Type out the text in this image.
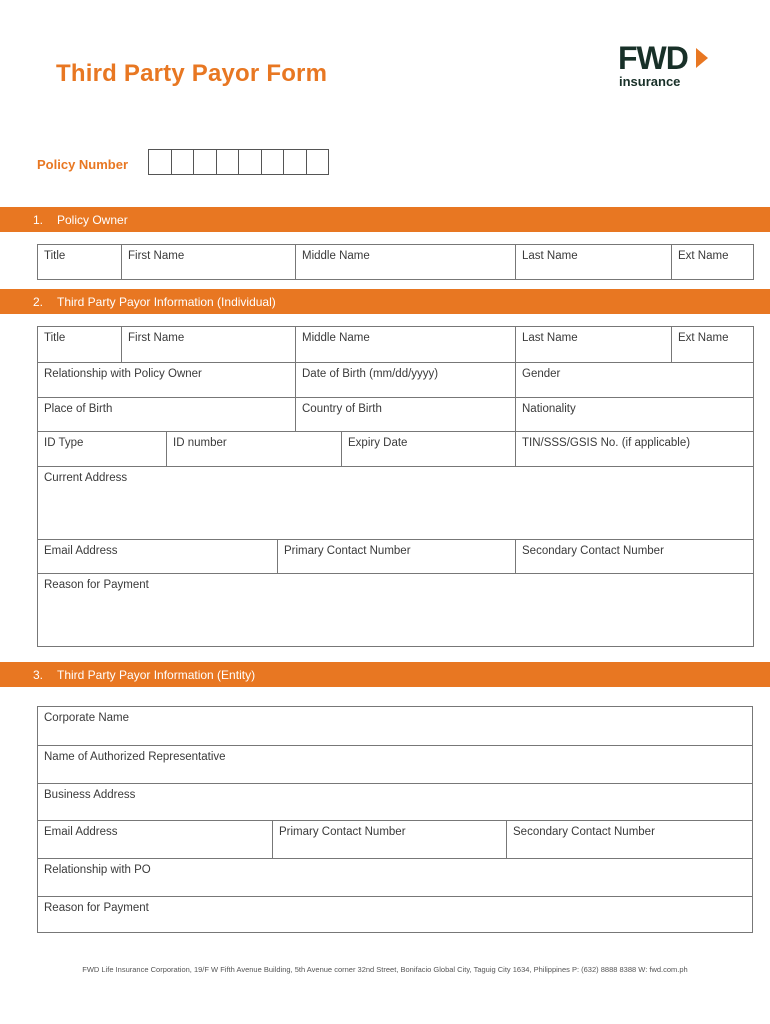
Third Party Payor Form	FWD
insurance
Policy Number
1.	Policy Owner
Title	First Name	Middle Name	Last Name	Ext Name
2.	Third Party Payor Information (Individual)
Title	First Name	Middle Name	Last Name	Ext Name
Relationship with Policy Owner	Date of Birth (mm/dd/yyyy)	Gender
Place of Birth	Country of Birth	Nationality
ID Type	ID number	Expiry Date	TIN/SSS/GSIS No. (if applicable)
Current Address
Email Address	Primary Contact Number	Secondary Contact Number
Reason for Payment
3.	Third Party Payor Information (Entity)
Corporate Name
Name of Authorized Representative
Business Address
Email Address	Primary Contact Number	Secondary Contact Number
Relationship with PO
Reason for Payment
FWD Life Insurance Corporation, 19/F W Fifth Avenue Building, 5th Avenue corner 32nd Street, Bonifacio Global City, Taguig City 1634, Philippines P: (632) 8888 8388 W: fwd.com.ph
